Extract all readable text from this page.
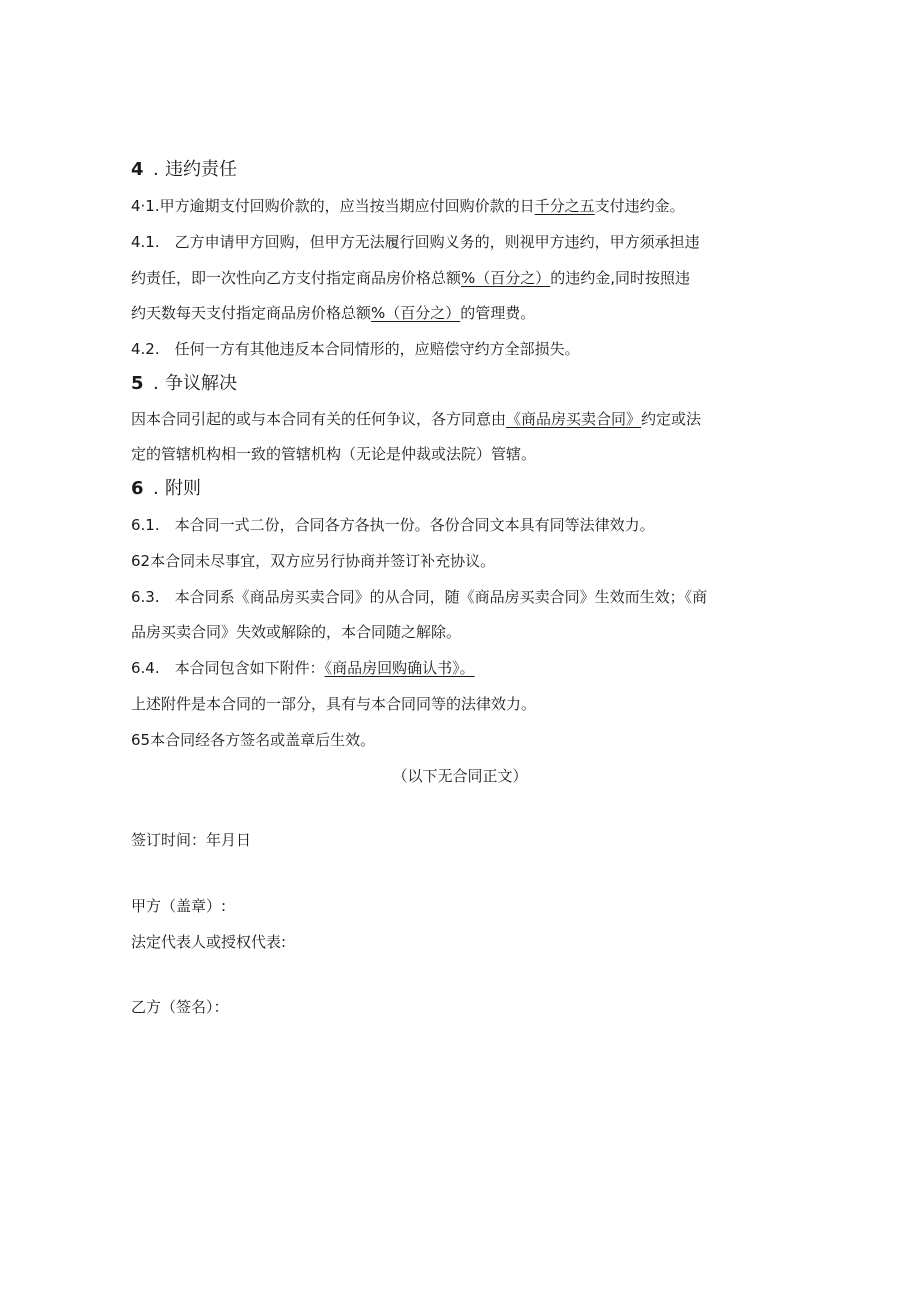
4 . 违约责任
4·1.甲方逾期支付回购价款的，应当按当期应付回购价款的日千分之五支付违约金。
4.1.　乙方申请甲方回购，但甲方无法履行回购义务的，则视甲方违约，甲方须承担违
约责任，即一次性向乙方支付指定商品房价格总额%（百分之）的违约金,同时按照违
约天数每天支付指定商品房价格总额%（百分之）的管理费。
4.2.　任何一方有其他违反本合同情形的，应赔偿守约方全部损失。
5 . 争议解决
因本合同引起的或与本合同有关的任何争议，各方同意由《商品房买卖合同》约定或法
定的管辖机构相一致的管辖机构（无论是仲裁或法院）管辖。
6 . 附则
6.1.　本合同一式二份，合同各方各执一份。各份合同文本具有同等法律效力。
62本合同未尽事宜，双方应另行协商并签订补充协议。
6.3.　本合同系《商品房买卖合同》的从合同，随《商品房买卖合同》生效而生效；《商
品房买卖合同》失效或解除的，本合同随之解除。
6.4.　本合同包含如下附件：《商品房回购确认书》。
上述附件是本合同的一部分，具有与本合同同等的法律效力。
65本合同经各方签名或盖章后生效。
（以下无合同正文）
签订时间：年月日
甲方（盖章）:
法定代表人或授权代表:
乙方（签名）：
